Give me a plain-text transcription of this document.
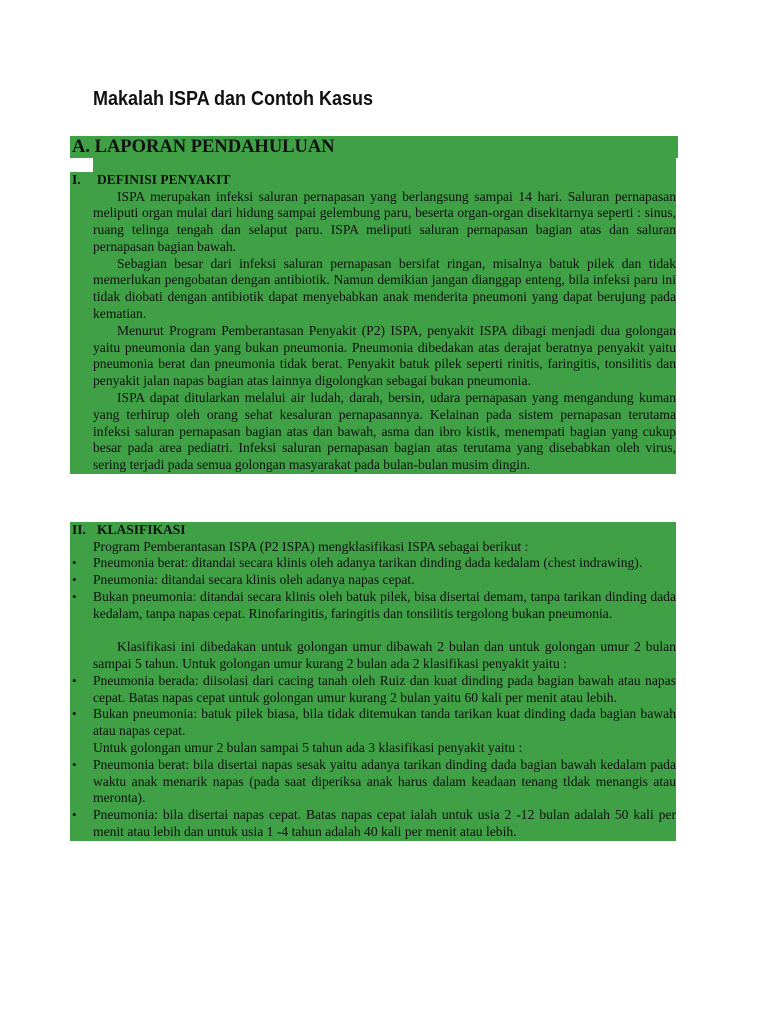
Makalah ISPA dan Contoh Kasus
A. LAPORAN PENDAHULUAN
I. DEFINISI PENYAKIT

ISPA merupakan infeksi saluran pernapasan yang berlangsung sampai 14 hari. Saluran pernapasan meliputi organ mulai dari hidung sampai gelembung paru, beserta organ-organ disekitarnya seperti : sinus, ruang telinga tengah dan selaput paru. ISPA meliputi saluran pernapasan bagian atas dan saluran pernapasan bagian bawah.

Sebagian besar dari infeksi saluran pernapasan bersifat ringan, misalnya batuk pilek dan tidak memerlukan pengobatan dengan antibiotik. Namun demikian jangan dianggap enteng, bila infeksi paru ini tidak diobati dengan antibiotik dapat menyebabkan anak menderita pneumoni yang dapat berujung pada kematian.

Menurut Program Pemberantasan Penyakit (P2) ISPA, penyakit ISPA dibagi menjadi dua golongan yaitu pneumonia dan yang bukan pneumonia. Pneumonia dibedakan atas derajat beratnya penyakit yaitu pneumonia berat dan pneumonia tidak berat. Penyakit batuk pilek seperti rinitis, faringitis, tonsilitis dan penyakit jalan napas bagian atas lainnya digolongkan sebagai bukan pneumonia.

ISPA dapat ditularkan melalui air ludah, darah, bersin, udara pernapasan yang mengandung kuman yang terhirup oleh orang sehat kesaluran pernapasannya. Kelainan pada sistem pernapasan terutama infeksi saluran pernapasan bagian atas dan bawah, asma dan ibro kistik, menempati bagian yang cukup besar pada area pediatri. Infeksi saluran pernapasan bagian atas terutama yang disebabkan oleh virus, sering terjadi pada semua golongan masyarakat pada bulan-bulan musim dingin.

II. KLASIFIKASI

Program Pemberantasan ISPA (P2 ISPA) mengklasifikasi ISPA sebagai berikut :

• Pneumonia berat: ditandai secara klinis oleh adanya tarikan dinding dada kedalam (chest indrawing).

• Pneumonia: ditandai secara klinis oleh adanya napas cepat.

• Bukan pneumonia: ditandai secara klinis oleh batuk pilek, bisa disertai demam, tanpa tarikan dinding dada kedalam, tanpa napas cepat. Rinofaringitis, faringitis dan tonsilitis tergolong bukan pneumonia.

Klasifikasi ini dibedakan untuk golongan umur dibawah 2 bulan dan untuk golongan umur 2 bulan sampai 5 tahun. Untuk golongan umur kurang 2 bulan ada 2 klasifikasi penyakit yaitu :

• Pneumonia berada: diisolasi dari cacing tanah oleh Ruiz dan kuat dinding pada bagian bawah atau napas cepat. Batas napas cepat untuk golongan umur kurang 2 bulan yaitu 60 kali per menit atau lebih.

• Bukan pneumonia: batuk pilek biasa, bila tidak ditemukan tanda tarikan kuat dinding dada bagian bawah atau napas cepat.

Untuk golongan umur 2 bulan sampai 5 tahun ada 3 klasifikasi penyakit yaitu :

• Pneumonia berat: bila disertai napas sesak yaitu adanya tarikan dinding dada bagian bawah kedalam pada waktu anak menarik napas (pada saat diperiksa anak harus dalam keadaan tenang tldak menangis atau meronta).

• Pneumonia: bila disertai napas cepat. Batas napas cepat ialah untuk usia 2 -12 bulan adalah 50 kali per menit atau lebih dan untuk usia 1 -4 tahun adalah 40 kali per menit atau lebih.
